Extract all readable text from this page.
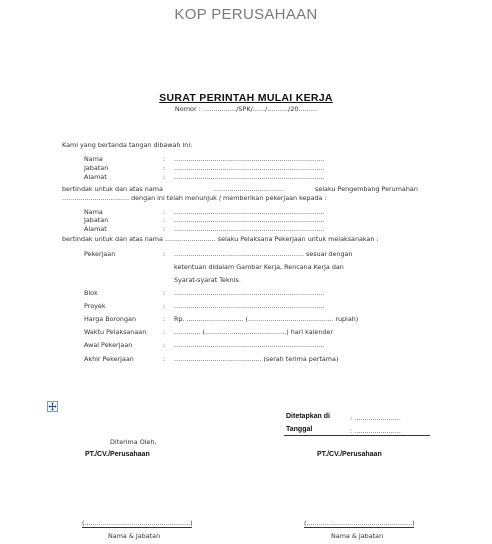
KOP PERUSAHAAN
SURAT PERINTAH MULAI KERJA
Nomor : ................/SPK/....../........../20.........
Kami yang bertanda tangan dibawah ini:
Nama	: ..........................................................................
Jabatan	: ..........................................................................
Alamat	: ..........................................................................
bertindak untuk dan atas nama	...................................	selaku Pengembang Perumahan
................................. dengan ini telah menunjuk / memberikan pekerjaan kepada :
Nama	: ..........................................................................
Jabatan	: ..........................................................................
Alamat	: ..........................................................................
bertindak untuk dan atas nama ......................... selaku Pelaksana Pekerjaan untuk melaksanakan :
Pekerjaan	: ................................................................ sesuai dengan
ketentuan didalam Gambar Kerja, Rencana Kerja dan
Syarat-syarat Teknis.
Blok	: ..........................................................................
Proyek	: ..........................................................................
Harga Borongan	: Rp. ............................ (.......................................... rupiah)
Waktu Pelaksanaan	: ............. (........................................) hari kalender
Awal Pekerjaan	: ..........................................................................
Akhir Pekerjaan	: ........................................... (serah terima pertama)
Ditetapkan di	: .......................
Tanggal	: .......................
Diterima Oleh,
PT./CV./Perusahaan
(....................................................)
Nama & Jabatan
PT./CV./Perusahaan
(....................................................)
Nama & Jabatan
